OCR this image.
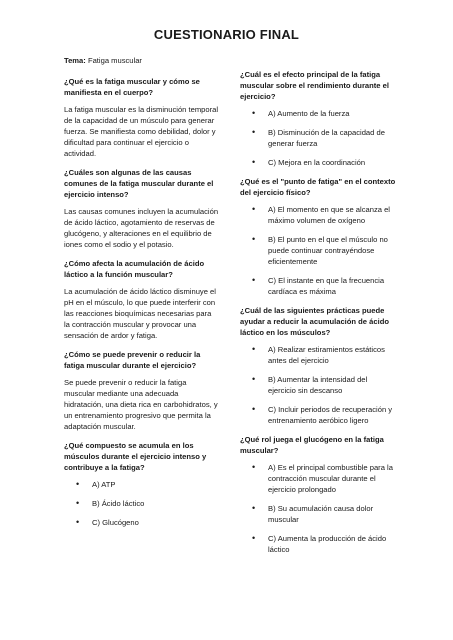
CUESTIONARIO FINAL
Tema: Fatiga muscular
¿Qué es la fatiga muscular y cómo se manifiesta en el cuerpo?
La fatiga muscular es la disminución temporal de la capacidad de un músculo para generar fuerza. Se manifiesta como debilidad, dolor y dificultad para continuar el ejercicio o actividad.
¿Cuáles son algunas de las causas comunes de la fatiga muscular durante el ejercicio intenso?
Las causas comunes incluyen la acumulación de ácido láctico, agotamiento de reservas de glucógeno, y alteraciones en el equilibrio de iones como el sodio y el potasio.
¿Cómo afecta la acumulación de ácido láctico a la función muscular?
La acumulación de ácido láctico disminuye el pH en el músculo, lo que puede interferir con las reacciones bioquímicas necesarias para la contracción muscular y provocar una sensación de ardor y fatiga.
¿Cómo se puede prevenir o reducir la fatiga muscular durante el ejercicio?
Se puede prevenir o reducir la fatiga muscular mediante una adecuada hidratación, una dieta rica en carbohidratos, y un entrenamiento progresivo que permita la adaptación muscular.
¿Qué compuesto se acumula en los músculos durante el ejercicio intenso y contribuye a la fatiga?
• A) ATP
• B) Ácido láctico
• C) Glucógeno
¿Cuál es el efecto principal de la fatiga muscular sobre el rendimiento durante el ejercicio?
• A) Aumento de la fuerza
• B) Disminución de la capacidad de generar fuerza
• C) Mejora en la coordinación
¿Qué es el "punto de fatiga" en el contexto del ejercicio físico?
• A) El momento en que se alcanza el máximo volumen de oxígeno
• B) El punto en el que el músculo no puede continuar contrayéndose eficientemente
• C) El instante en que la frecuencia cardíaca es máxima
¿Cuál de las siguientes prácticas puede ayudar a reducir la acumulación de ácido láctico en los músculos?
• A) Realizar estiramientos estáticos antes del ejercicio
• B) Aumentar la intensidad del ejercicio sin descanso
• C) Incluir periodos de recuperación y entrenamiento aeróbico ligero
¿Qué rol juega el glucógeno en la fatiga muscular?
• A) Es el principal combustible para la contracción muscular durante el ejercicio prolongado
• B) Su acumulación causa dolor muscular
• C) Aumenta la producción de ácido láctico
